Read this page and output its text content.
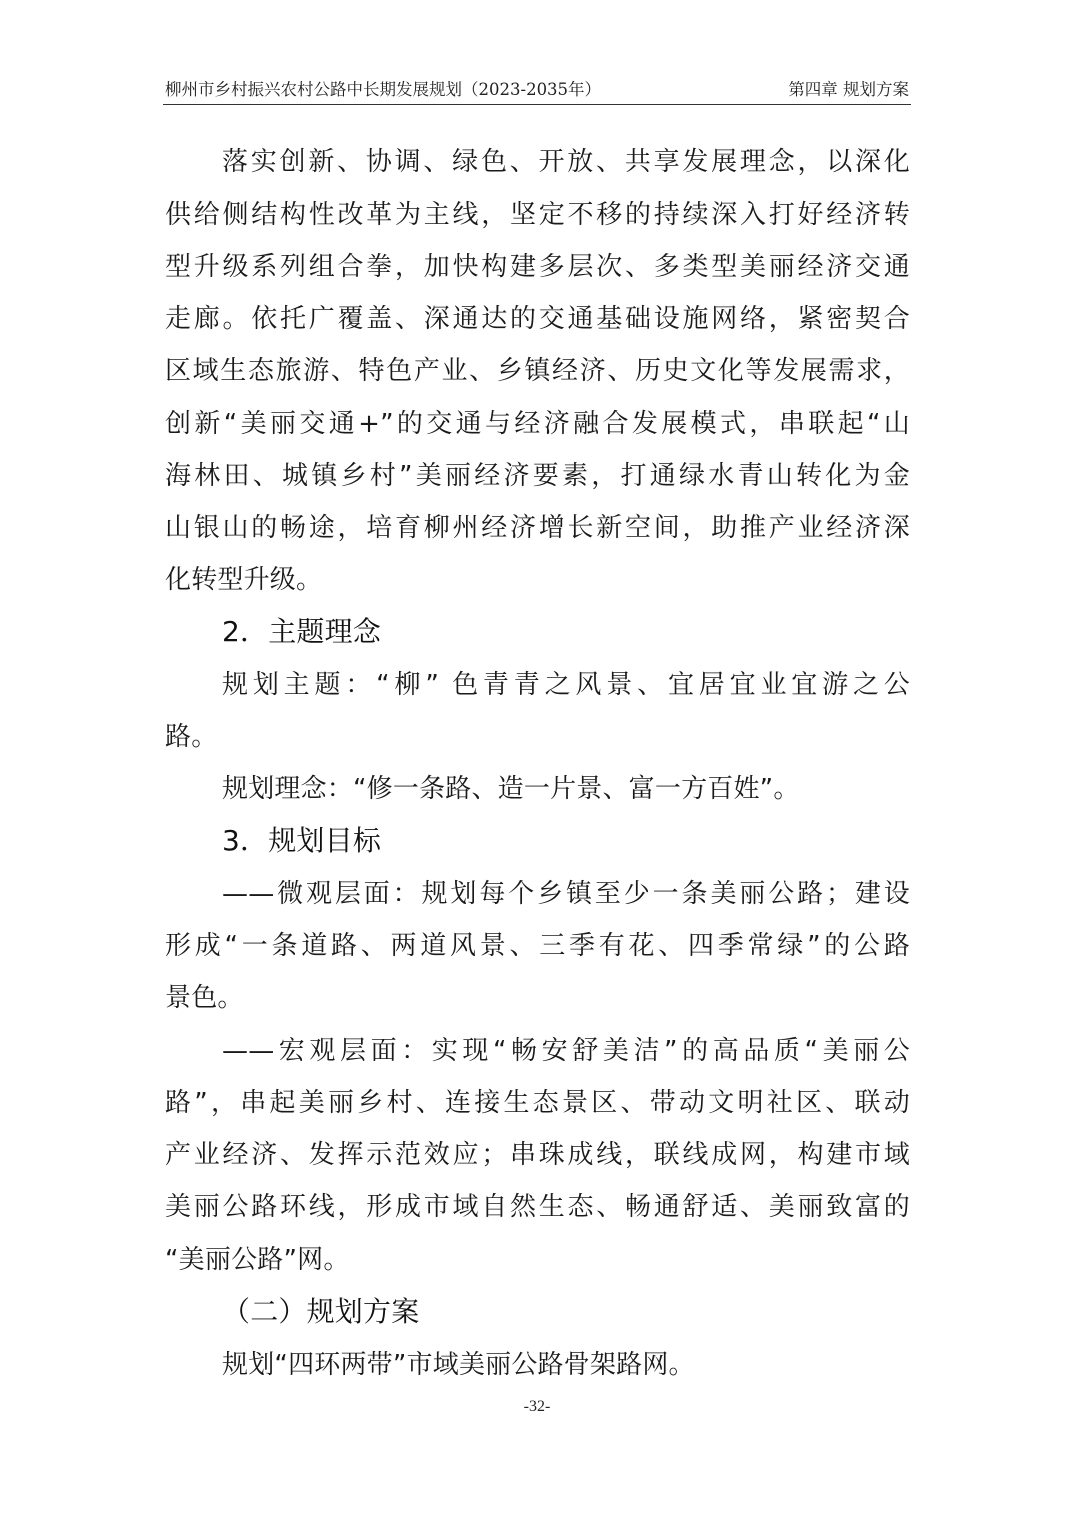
柳州市乡村振兴农村公路中长期发展规划（2023-2035年）	第四章 规划方案
落实创新、协调、绿色、开放、共享发展理念，以深化
供给侧结构性改革为主线，坚定不移的持续深入打好经济转
型升级系列组合拳，加快构建多层次、多类型美丽经济交通
走廊。依托广覆盖、深通达的交通基础设施网络，紧密契合
区域生态旅游、特色产业、乡镇经济、历史文化等发展需求，
创新“美丽交通+”的交通与经济融合发展模式，串联起“山
海林田、城镇乡村”美丽经济要素，打通绿水青山转化为金
山银山的畅途，培育柳州经济增长新空间，助推产业经济深
化转型升级。
2．主题理念
规划主题：“柳” 色青青之风景、宜居宜业宜游之公
路。
规划理念：“修一条路、造一片景、富一方百姓”。
3．规划目标
——微观层面：规划每个乡镇至少一条美丽公路；建设
形成“一条道路、两道风景、三季有花、四季常绿”的公路
景色。
——宏观层面：实现“畅安舒美洁”的高品质“美丽公
路”，串起美丽乡村、连接生态景区、带动文明社区、联动
产业经济、发挥示范效应；串珠成线，联线成网，构建市域
美丽公路环线，形成市域自然生态、畅通舒适、美丽致富的
“美丽公路”网。
（二）规划方案
规划“四环两带”市域美丽公路骨架路网。
-32-
